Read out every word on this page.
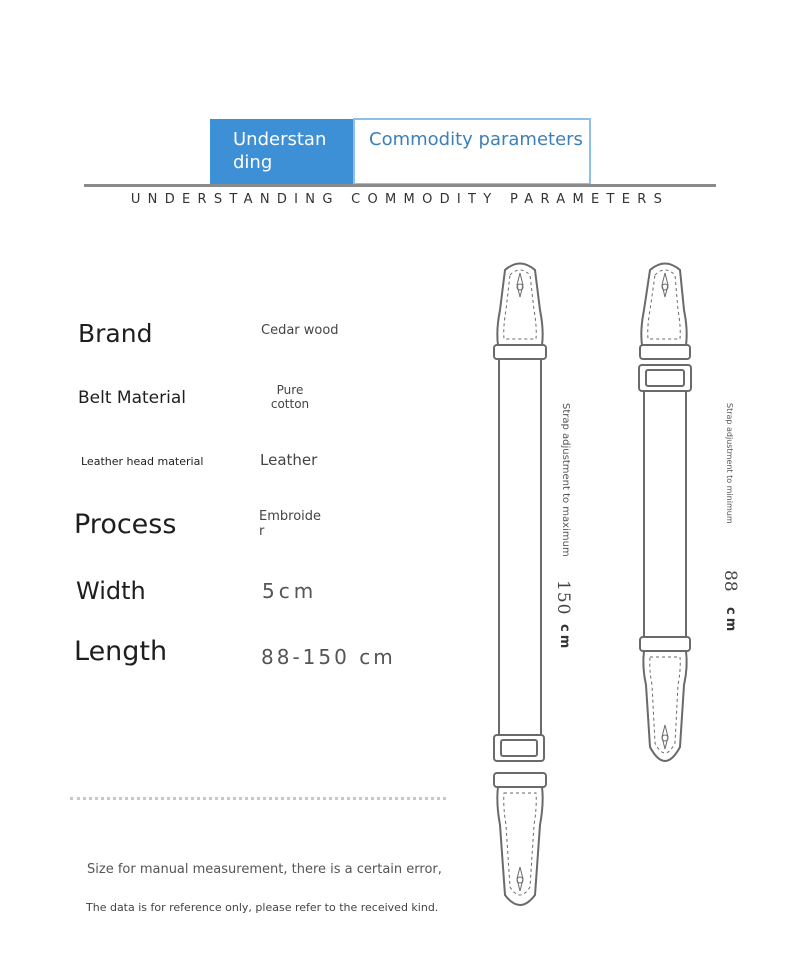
Understan ding
Commodity parameters
UNDERSTANDING COMMODITY PARAMETERS
Brand	Cedar wood
Belt Material	Pure cotton
Leather head material	Leather
Process	Embroider
Width	5cm
Length	88-150 cm
Size for manual measurement, there is a certain error,
The data is for reference only, please refer to the received kind.
Strap adjustment to maximum
150
cm
Strap adjustment to minimum
88
cm
